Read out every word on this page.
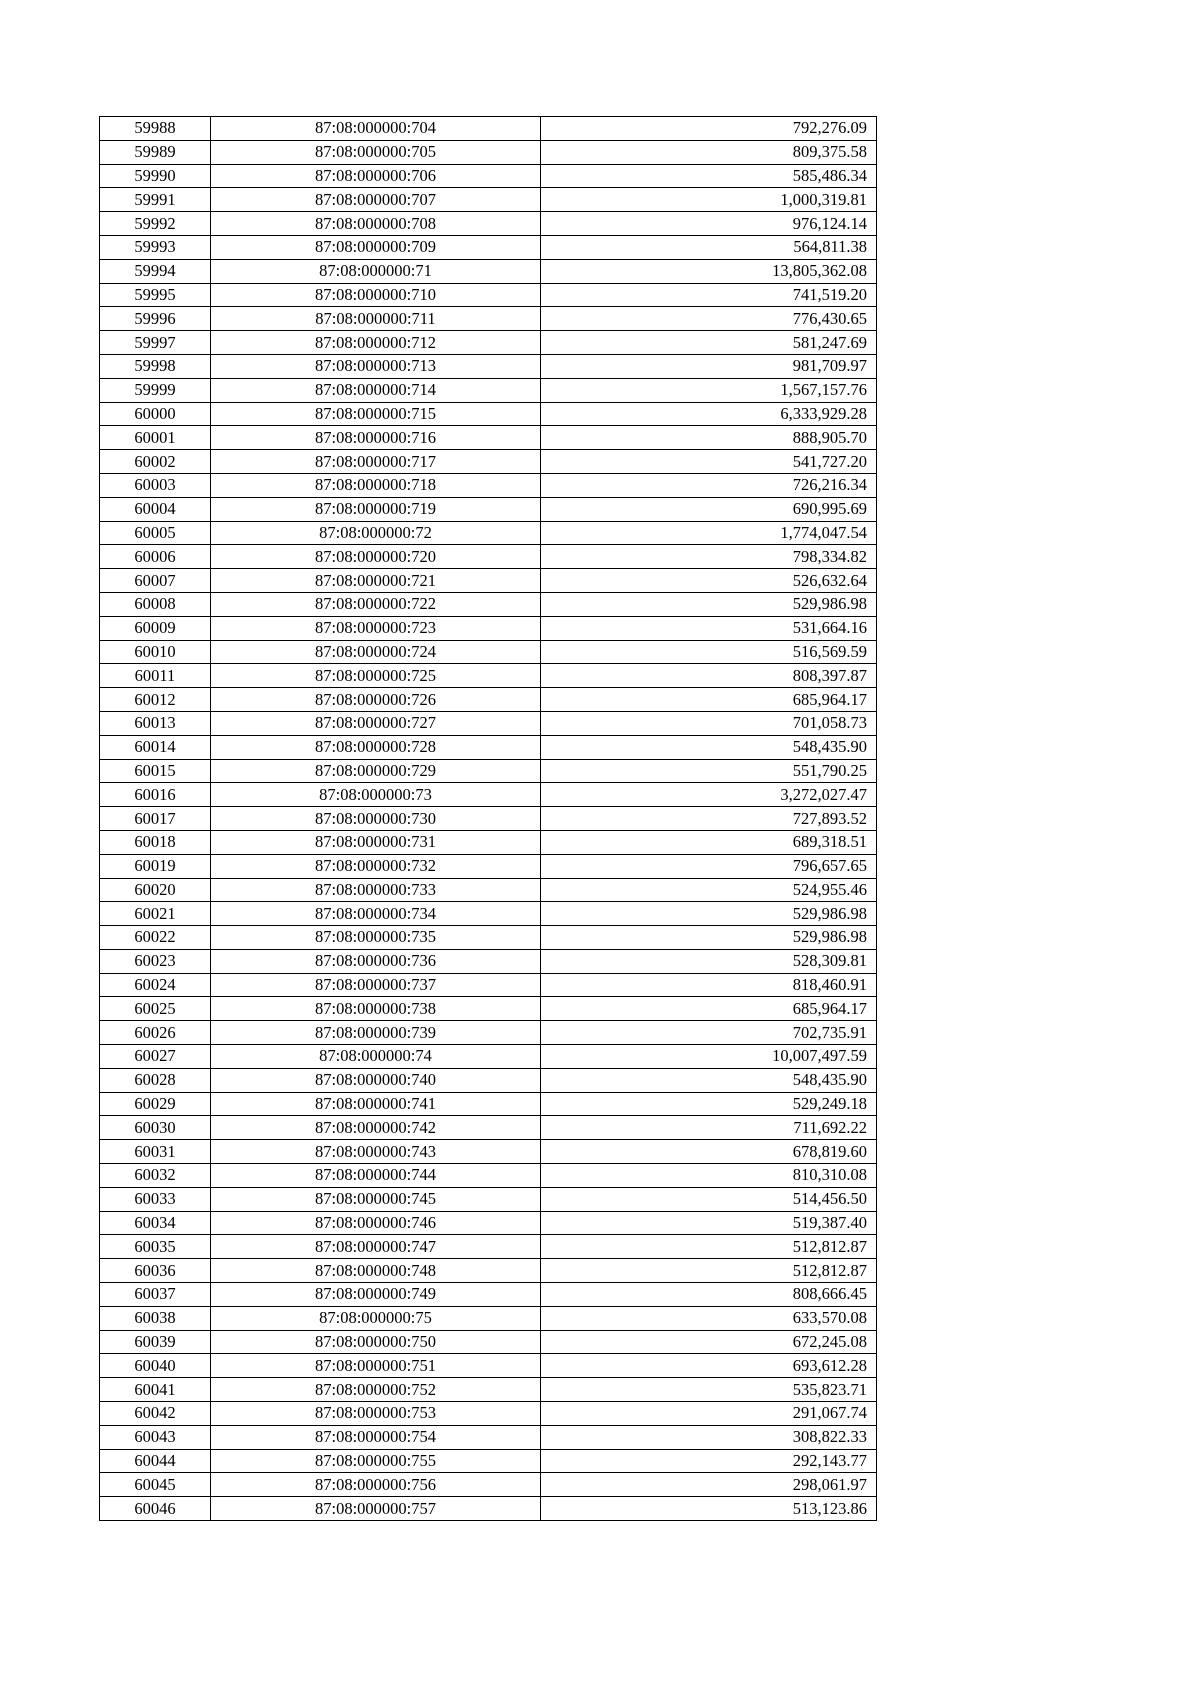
59988	87:08:000000:704	792,276.09
59989	87:08:000000:705	809,375.58
59990	87:08:000000:706	585,486.34
59991	87:08:000000:707	1,000,319.81
59992	87:08:000000:708	976,124.14
59993	87:08:000000:709	564,811.38
59994	87:08:000000:71	13,805,362.08
59995	87:08:000000:710	741,519.20
59996	87:08:000000:711	776,430.65
59997	87:08:000000:712	581,247.69
59998	87:08:000000:713	981,709.97
59999	87:08:000000:714	1,567,157.76
60000	87:08:000000:715	6,333,929.28
60001	87:08:000000:716	888,905.70
60002	87:08:000000:717	541,727.20
60003	87:08:000000:718	726,216.34
60004	87:08:000000:719	690,995.69
60005	87:08:000000:72	1,774,047.54
60006	87:08:000000:720	798,334.82
60007	87:08:000000:721	526,632.64
60008	87:08:000000:722	529,986.98
60009	87:08:000000:723	531,664.16
60010	87:08:000000:724	516,569.59
60011	87:08:000000:725	808,397.87
60012	87:08:000000:726	685,964.17
60013	87:08:000000:727	701,058.73
60014	87:08:000000:728	548,435.90
60015	87:08:000000:729	551,790.25
60016	87:08:000000:73	3,272,027.47
60017	87:08:000000:730	727,893.52
60018	87:08:000000:731	689,318.51
60019	87:08:000000:732	796,657.65
60020	87:08:000000:733	524,955.46
60021	87:08:000000:734	529,986.98
60022	87:08:000000:735	529,986.98
60023	87:08:000000:736	528,309.81
60024	87:08:000000:737	818,460.91
60025	87:08:000000:738	685,964.17
60026	87:08:000000:739	702,735.91
60027	87:08:000000:74	10,007,497.59
60028	87:08:000000:740	548,435.90
60029	87:08:000000:741	529,249.18
60030	87:08:000000:742	711,692.22
60031	87:08:000000:743	678,819.60
60032	87:08:000000:744	810,310.08
60033	87:08:000000:745	514,456.50
60034	87:08:000000:746	519,387.40
60035	87:08:000000:747	512,812.87
60036	87:08:000000:748	512,812.87
60037	87:08:000000:749	808,666.45
60038	87:08:000000:75	633,570.08
60039	87:08:000000:750	672,245.08
60040	87:08:000000:751	693,612.28
60041	87:08:000000:752	535,823.71
60042	87:08:000000:753	291,067.74
60043	87:08:000000:754	308,822.33
60044	87:08:000000:755	292,143.77
60045	87:08:000000:756	298,061.97
60046	87:08:000000:757	513,123.86
